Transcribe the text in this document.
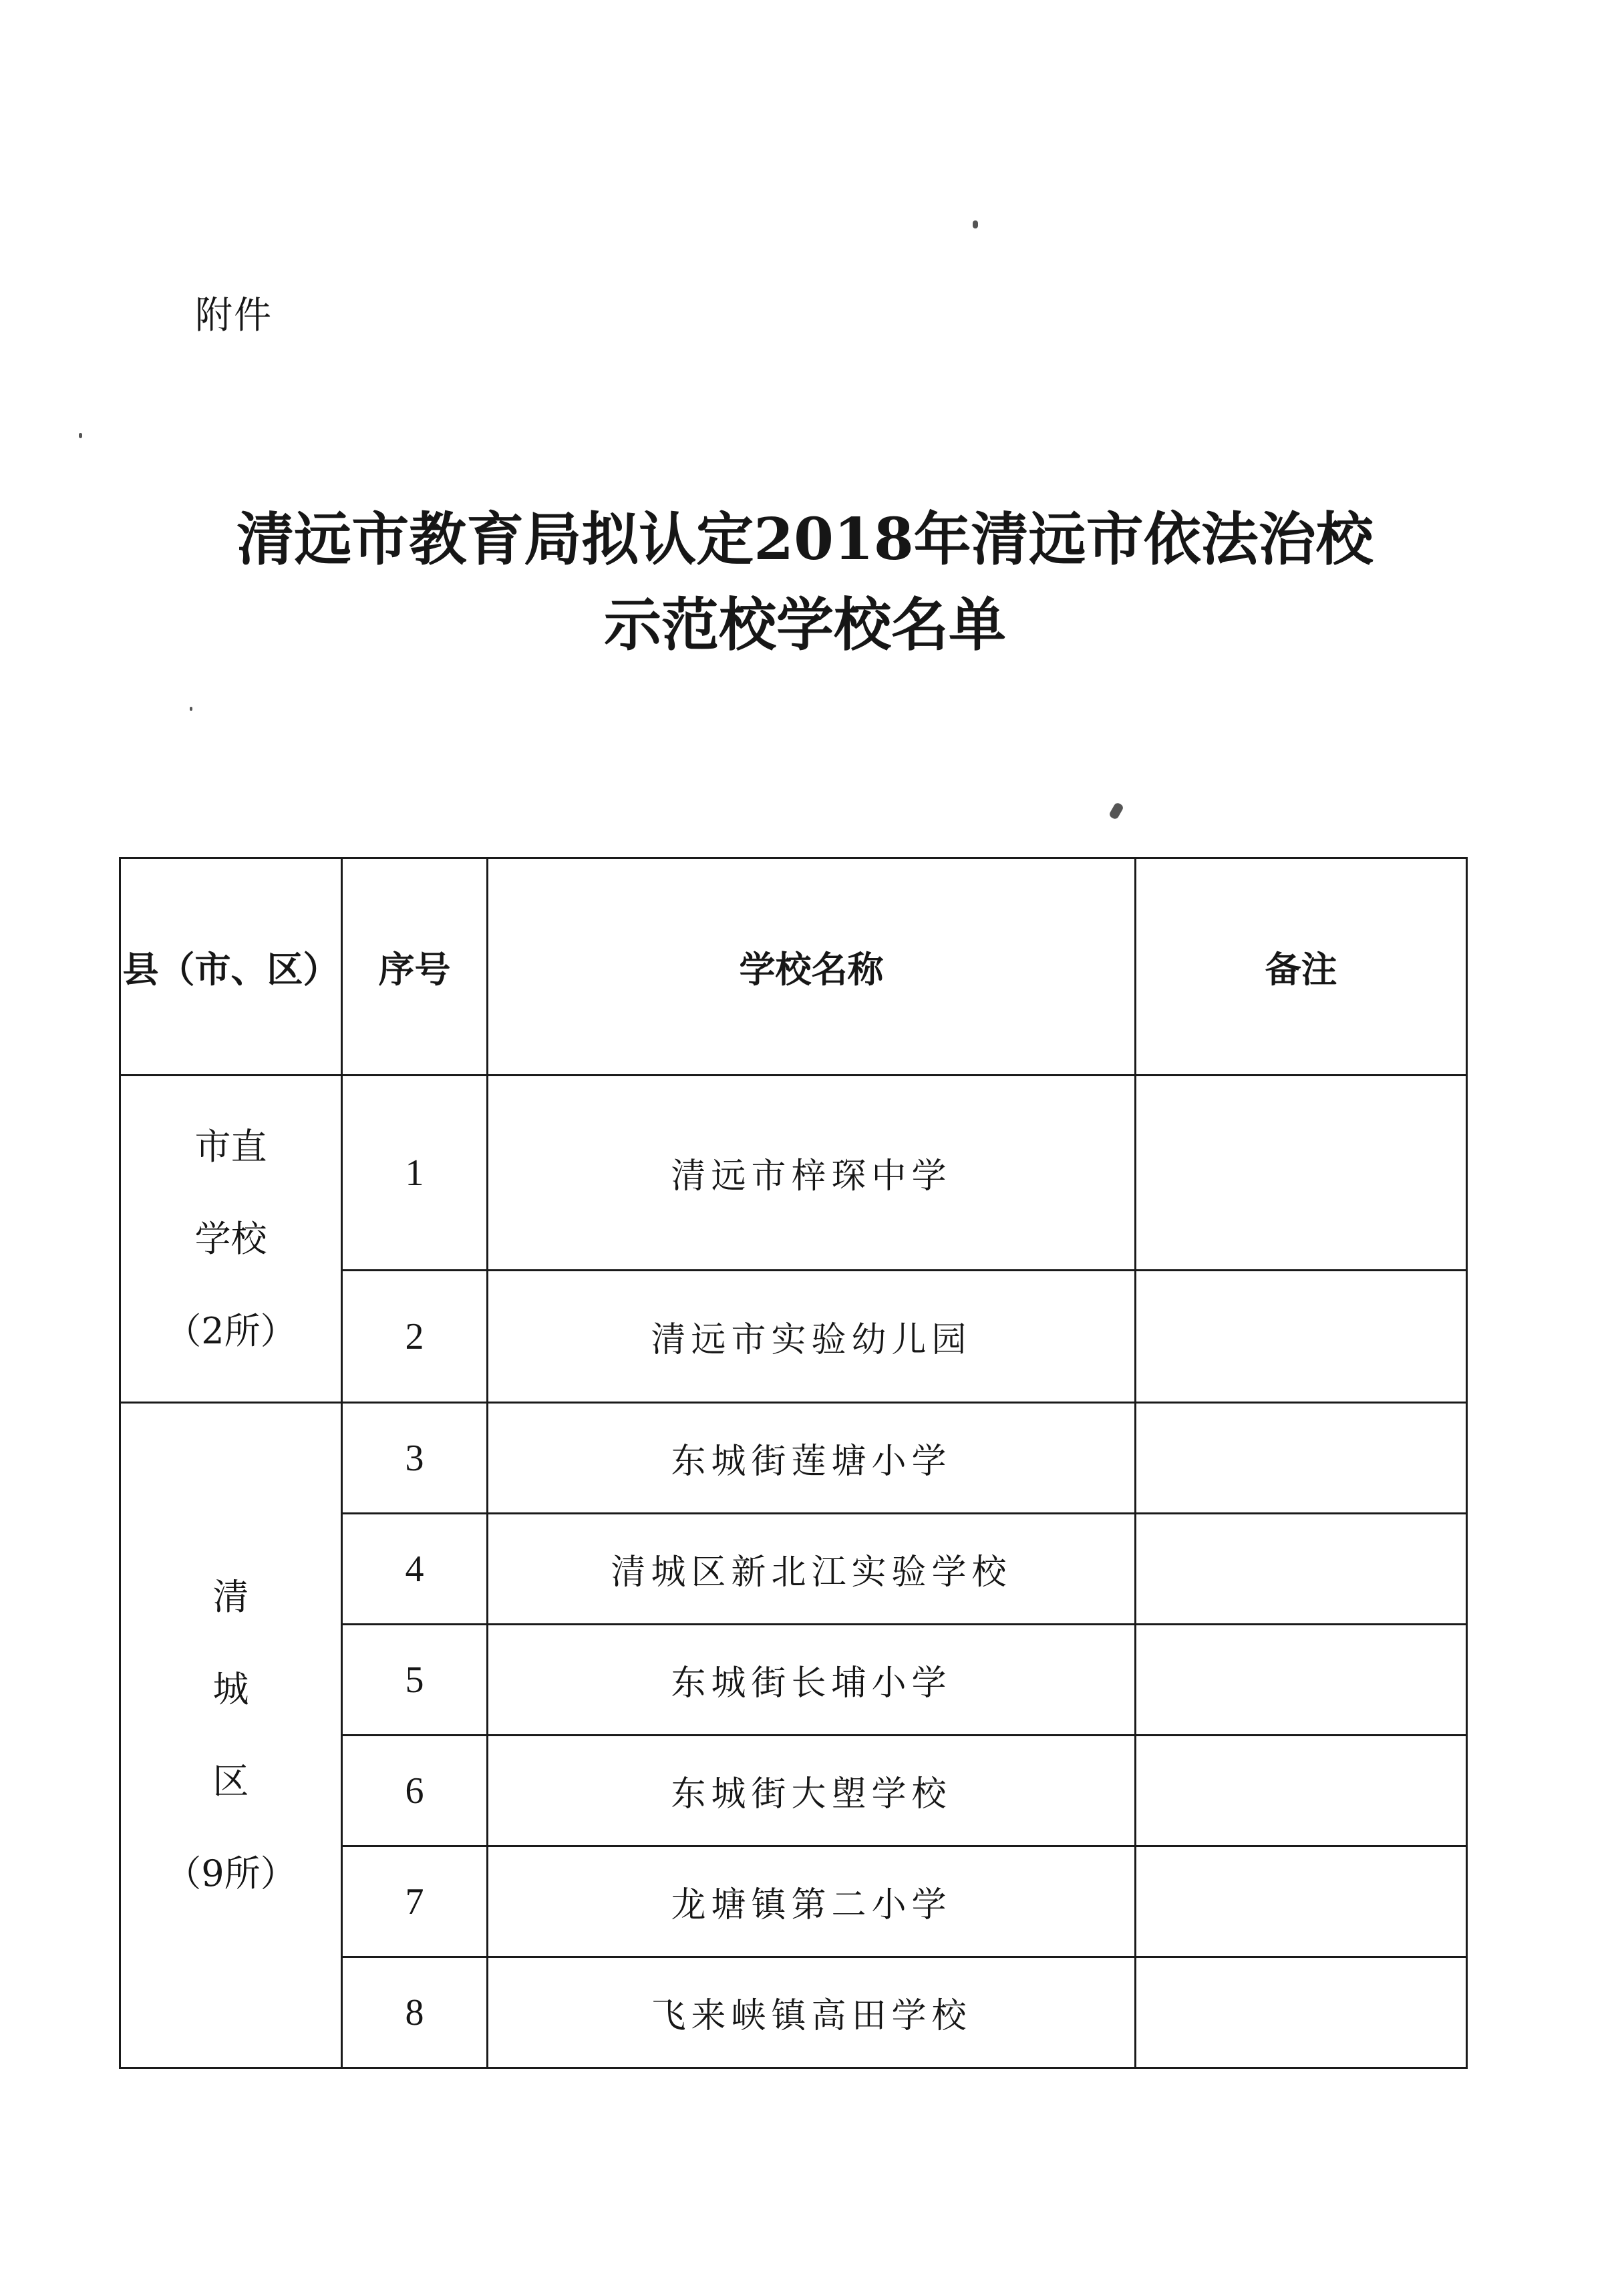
附件
清远市教育局拟认定2018年清远市依法治校
示范校学校名单
县（市、区）	序号	学校名称	备注

市直
学校
（2所）	1	清远市梓琛中学	
	2	清远市实验幼儿园	

清
城
区
（9所）	3	东城街莲塘小学	
	4	清城区新北江实验学校	
	5	东城街长埔小学	
	6	东城街大塱学校	
	7	龙塘镇第二小学	
	8	飞来峡镇高田学校	
